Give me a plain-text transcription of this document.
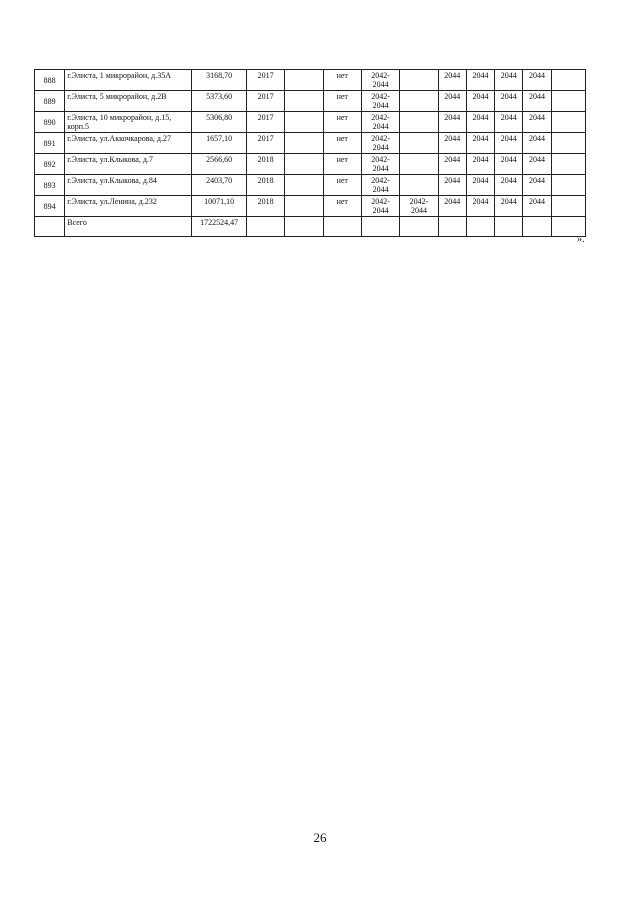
888	г.Элиста, 1 микрорайон, д.35А	3168,70	2017		нет	2042-2044		2044	2044	2044	2044	
889	г.Элиста, 5 микрорайон, д.2В	5373,60	2017		нет	2042-2044		2044	2044	2044	2044	
890	г.Элиста, 10 микрорайон, д.15, корп.5	5306,80	2017		нет	2042-2044		2044	2044	2044	2044	
891	г.Элиста, ул.Аккочкарова, д.27	1657,10	2017		нет	2042-2044		2044	2044	2044	2044	
892	г.Элиста, ул.Клыкова, д.7	2566,60	2018		нет	2042-2044		2044	2044	2044	2044	
893	г.Элиста, ул.Клыкова, д.84	2403,70	2018		нет	2042-2044		2044	2044	2044	2044	
894	г.Элиста, ул.Ленина, д.232	10071,10	2018		нет	2042-2044	2042-2044	2044	2044	2044	2044	
	Всего	1722524,47										
».
26
